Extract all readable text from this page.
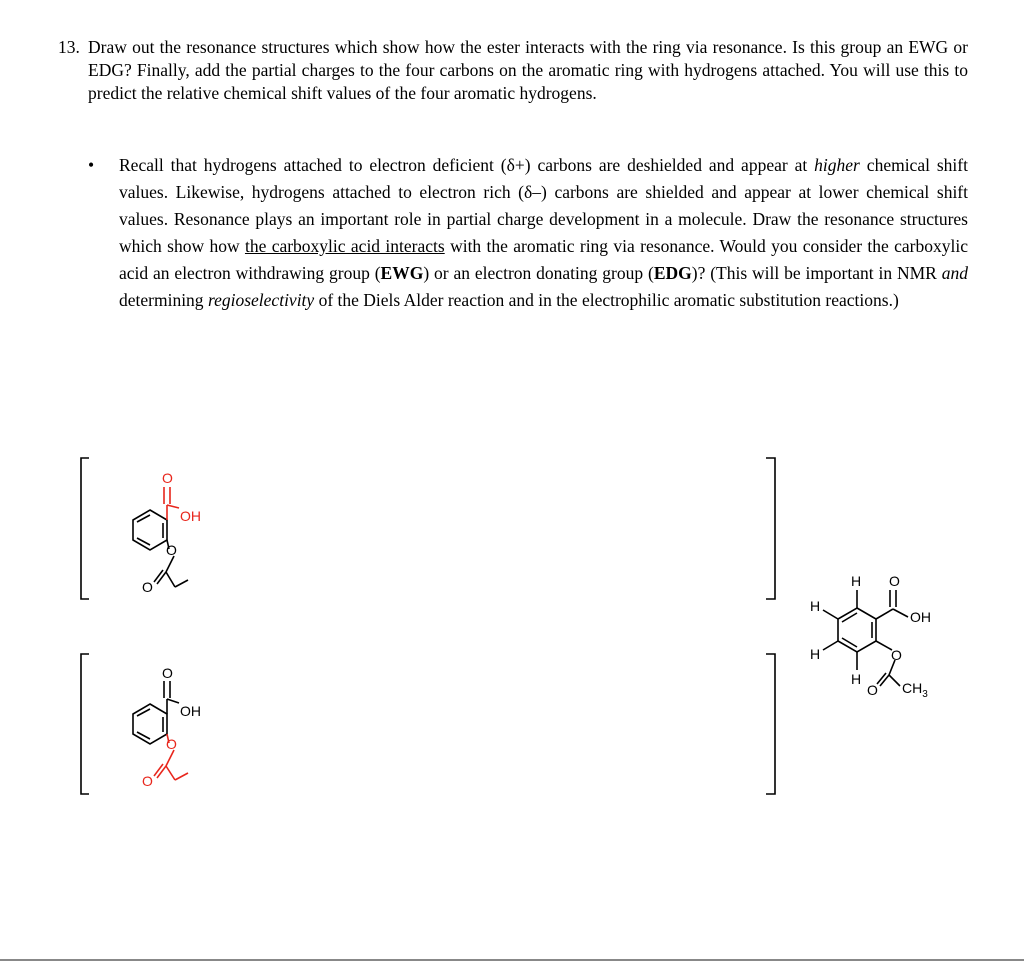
13. Draw out the resonance structures which show how the ester interacts with the ring via resonance. Is this group an EWG or EDG? Finally, add the partial charges to the four carbons on the aromatic ring with hydrogens attached. You will use this to predict the relative chemical shift values of the four aromatic hydrogens.
• Recall that hydrogens attached to electron deficient (δ+) carbons are deshielded and appear at higher chemical shift values. Likewise, hydrogens attached to electron rich (δ–) carbons are shielded and appear at lower chemical shift values. Resonance plays an important role in partial charge development in a molecule. Draw the resonance structures which show how the carboxylic acid interacts with the aromatic ring via resonance. Would you consider the carboxylic acid an electron withdrawing group (EWG) or an electron donating group (EDG)? (This will be important in NMR and determining regioselectivity of the Diels Alder reaction and in the electrophilic aromatic substitution reactions.)
O
OH
O
O
O
OH
O
O
H
H
H
H
O
OH
O
O $CH_3$
